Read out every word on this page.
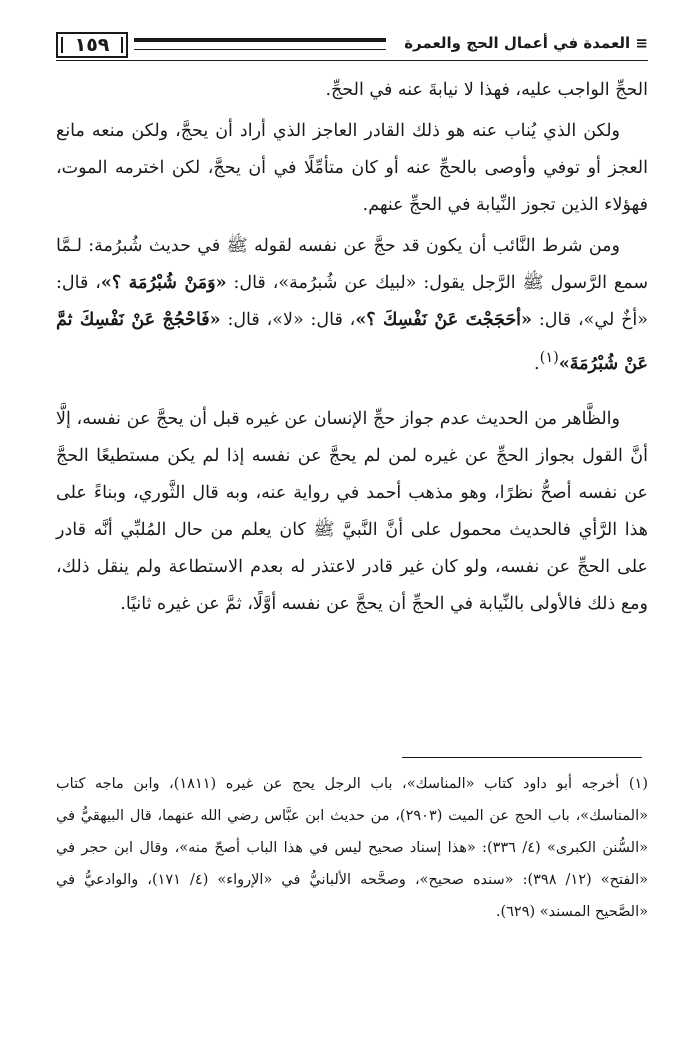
١٥٩	≡ العمدة في أعمال الحج والعمرة

الحجِّ الواجب عليه، فهذا لا نيابةَ عنه في الحجِّ.

ولكن الذي يُناب عنه هو ذلك القادر العاجز الذي أراد أن يحجَّ، ولكن منعه مانع العجز أو توفي وأوصى بالحجِّ عنه أو كان متأمِّلًا في أن يحجَّ، لكن اخترمه الموت، فهؤلاء الذين تجوز النِّيابة في الحجِّ عنهم.

ومن شرط النَّائب أن يكون قد حجَّ عن نفسه لقوله ﷺ في حديث شُبرُمة: لـمَّا سمع الرَّسول ﷺ الرَّجل يقول: «لبيك عن شُبرُمة»، قال: «وَمَنْ شُبْرُمَة ؟»، قال: «أخٌ لي»، قال: «أحَجَجْتَ عَنْ نَفْسِكَ ؟»، قال: «لا»، قال: «فَاحْجُجْ عَنْ نَفْسِكَ ثمَّ عَنْ شُبْرُمَةَ»$^{(١)}$.

والظَّاهر من الحديث عدم جواز حجِّ الإنسان عن غيره قبل أن يحجَّ عن نفسه، إلَّا أنَّ القول بجواز الحجِّ عن غيره لمن لم يحجَّ عن نفسه إذا لم يكن مستطيعًا الحجَّ عن نفسه أصحُّ نظرًا، وهو مذهب أحمد في رواية عنه، وبه قال الثَّوري، وبناءً على هذا الرَّأي فالحديث محمول على أنَّ النَّبيَّ ﷺ كان يعلم من حال المُلبِّي أنَّه قادر على الحجِّ عن نفسه، ولو كان غير قادر لاعتذر له بعدم الاستطاعة ولم ينقل ذلك، ومع ذلك فالأولى بالنِّيابة في الحجِّ أن يحجَّ عن نفسه أوَّلًا، ثمَّ عن غيره ثانيًا.

(١) أخرجه أبو داود كتاب «المناسك»، باب الرجل يحج عن غيره (١٨١١)، وابن ماجه كتاب «المناسك»، باب الحج عن الميت (٢٩٠٣)، من حديث ابن عبَّاس رضي الله عنهما، قال البيهقيُّ في «السُّنن الكبرى» (٤/ ٣٣٦): «هذا إسناد صحيح ليس في هذا الباب أصحّ منه»، وقال ابن حجر في «الفتح» (١٢/ ٣٩٨): «سنده صحيح»، وصحَّحه الألبانيُّ في «الإرواء» (٤/ ١٧١)، والوادعيُّ في «الصَّحيح المسند» (٦٢٩).
